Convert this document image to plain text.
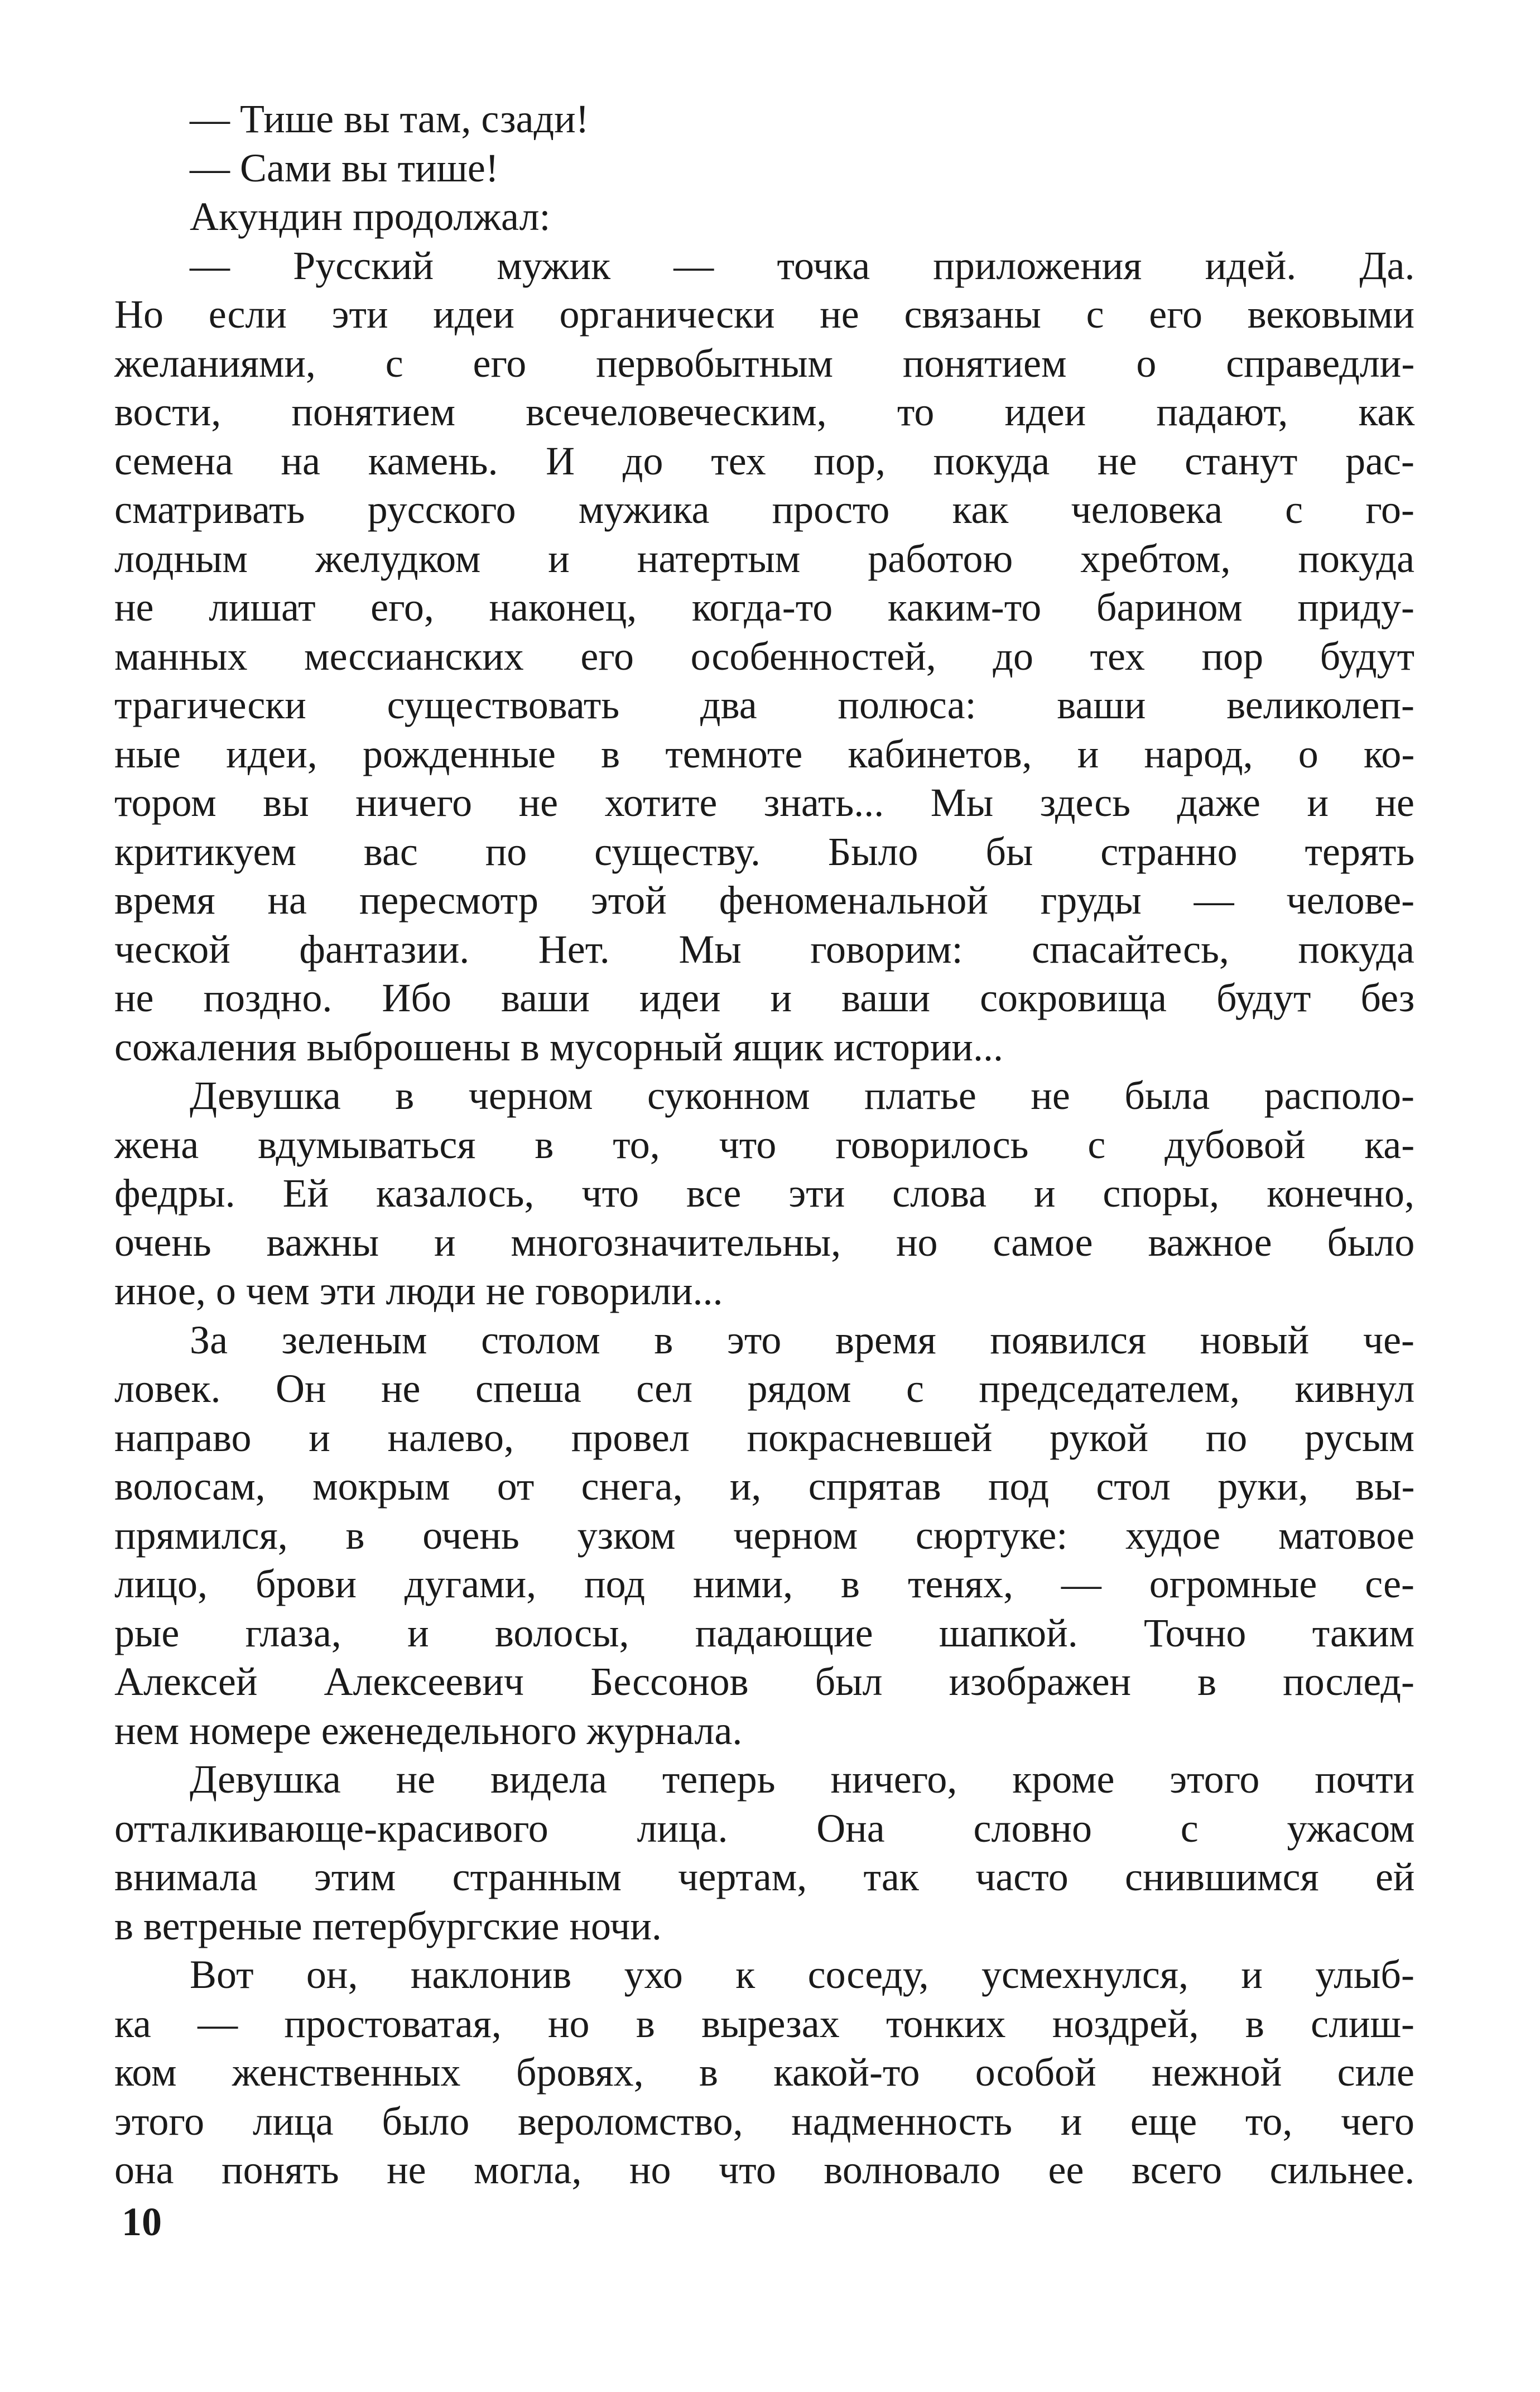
— Тише вы там, сзади!
— Сами вы тише!
Акундин продолжал:
— Русский мужик — точка приложения идей. Да.
Но если эти идеи органически не связаны с его вековыми
желаниями, с его первобытным понятием о справедли-
вости, понятием всечеловеческим, то идеи падают, как
семена на камень. И до тех пор, покуда не станут рас-
сматривать русского мужика просто как человека с го-
лодным желудком и натертым работою хребтом, покуда
не лишат его, наконец, когда-то каким-то барином приду-
манных мессианских его особенностей, до тех пор будут
трагически существовать два полюса: ваши великолеп-
ные идеи, рожденные в темноте кабинетов, и народ, о ко-
тором вы ничего не хотите знать... Мы здесь даже и не
критикуем вас по существу. Было бы странно терять
время на пересмотр этой феноменальной груды — челове-
ческой фантазии. Нет. Мы говорим: спасайтесь, покуда
не поздно. Ибо ваши идеи и ваши сокровища будут без
сожаления выброшены в мусорный ящик истории...
Девушка в черном суконном платье не была располо-
жена вдумываться в то, что говорилось с дубовой ка-
федры. Ей казалось, что все эти слова и споры, конечно,
очень важны и многозначительны, но самое важное было
иное, о чем эти люди не говорили...
За зеленым столом в это время появился новый че-
ловек. Он не спеша сел рядом с председателем, кивнул
направо и налево, провел покрасневшей рукой по русым
волосам, мокрым от снега, и, спрятав под стол руки, вы-
прямился, в очень узком черном сюртуке: худое матовое
лицо, брови дугами, под ними, в тенях, — огромные се-
рые глаза, и волосы, падающие шапкой. Точно таким
Алексей Алексеевич Бессонов был изображен в послед-
нем номере еженедельного журнала.
Девушка не видела теперь ничего, кроме этого почти
отталкивающе-красивого лица. Она словно с ужасом
внимала этим странным чертам, так часто снившимся ей
в ветреные петербургские ночи.
Вот он, наклонив ухо к соседу, усмехнулся, и улыб-
ка — простоватая, но в вырезах тонких ноздрей, в слиш-
ком женственных бровях, в какой-то особой нежной силе
этого лица было вероломство, надменность и еще то, чего
она понять не могла, но что волновало ее всего сильнее.
10
